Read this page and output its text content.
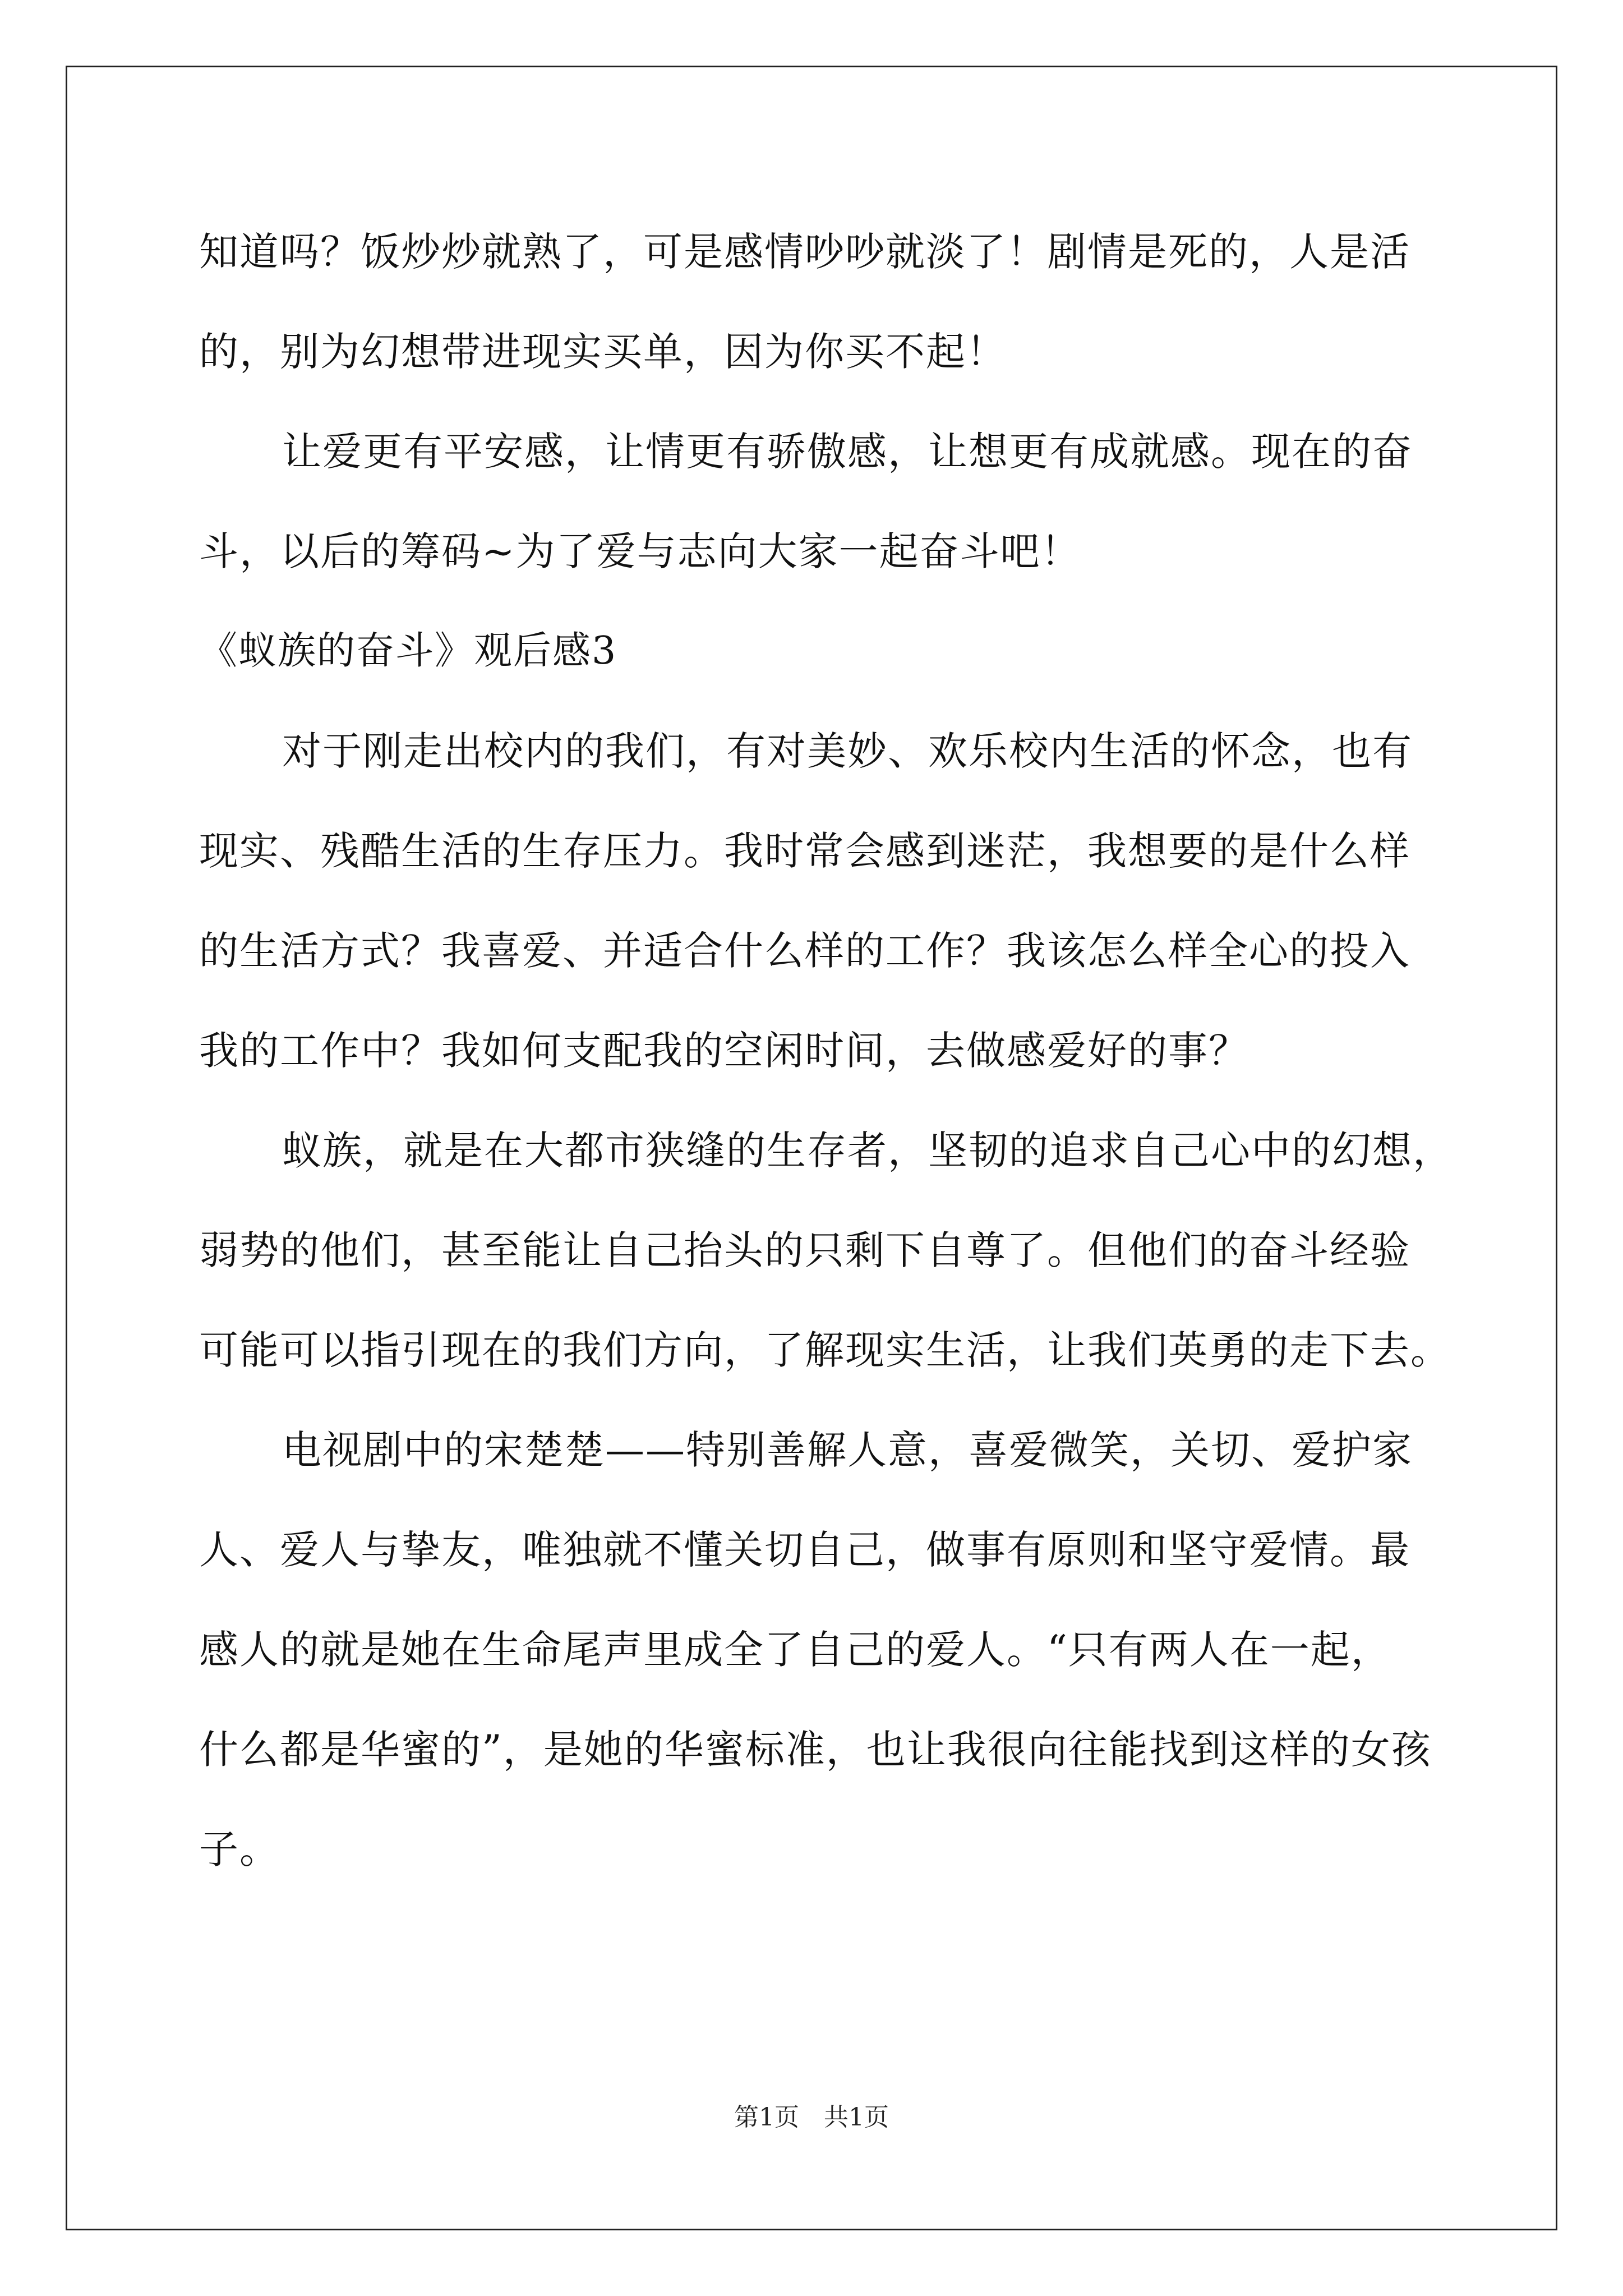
知道吗？饭炒炒就熟了，可是感情吵吵就淡了！剧情是死的，人是活
的，别为幻想带进现实买单，因为你买不起！
让爱更有平安感，让情更有骄傲感，让想更有成就感。现在的奋
斗，以后的筹码~为了爱与志向大家一起奋斗吧！
《蚁族的奋斗》观后感3
对于刚走出校内的我们，有对美妙、欢乐校内生活的怀念，也有
现实、残酷生活的生存压力。我时常会感到迷茫，我想要的是什么样
的生活方式？我喜爱、并适合什么样的工作？我该怎么样全心的投入
我的工作中？我如何支配我的空闲时间，去做感爱好的事？
蚁族，就是在大都市狭缝的生存者，坚韧的追求自己心中的幻想，
弱势的他们，甚至能让自己抬头的只剩下自尊了。但他们的奋斗经验
可能可以指引现在的我们方向，了解现实生活，让我们英勇的走下去。
电视剧中的宋楚楚——特别善解人意，喜爱微笑，关切、爱护家
人、爱人与挚友，唯独就不懂关切自己，做事有原则和坚守爱情。最
感人的就是她在生命尾声里成全了自己的爱人。“只有两人在一起，
什么都是华蜜的”，是她的华蜜标准，也让我很向往能找到这样的女孩
子。
第1页　共1页
